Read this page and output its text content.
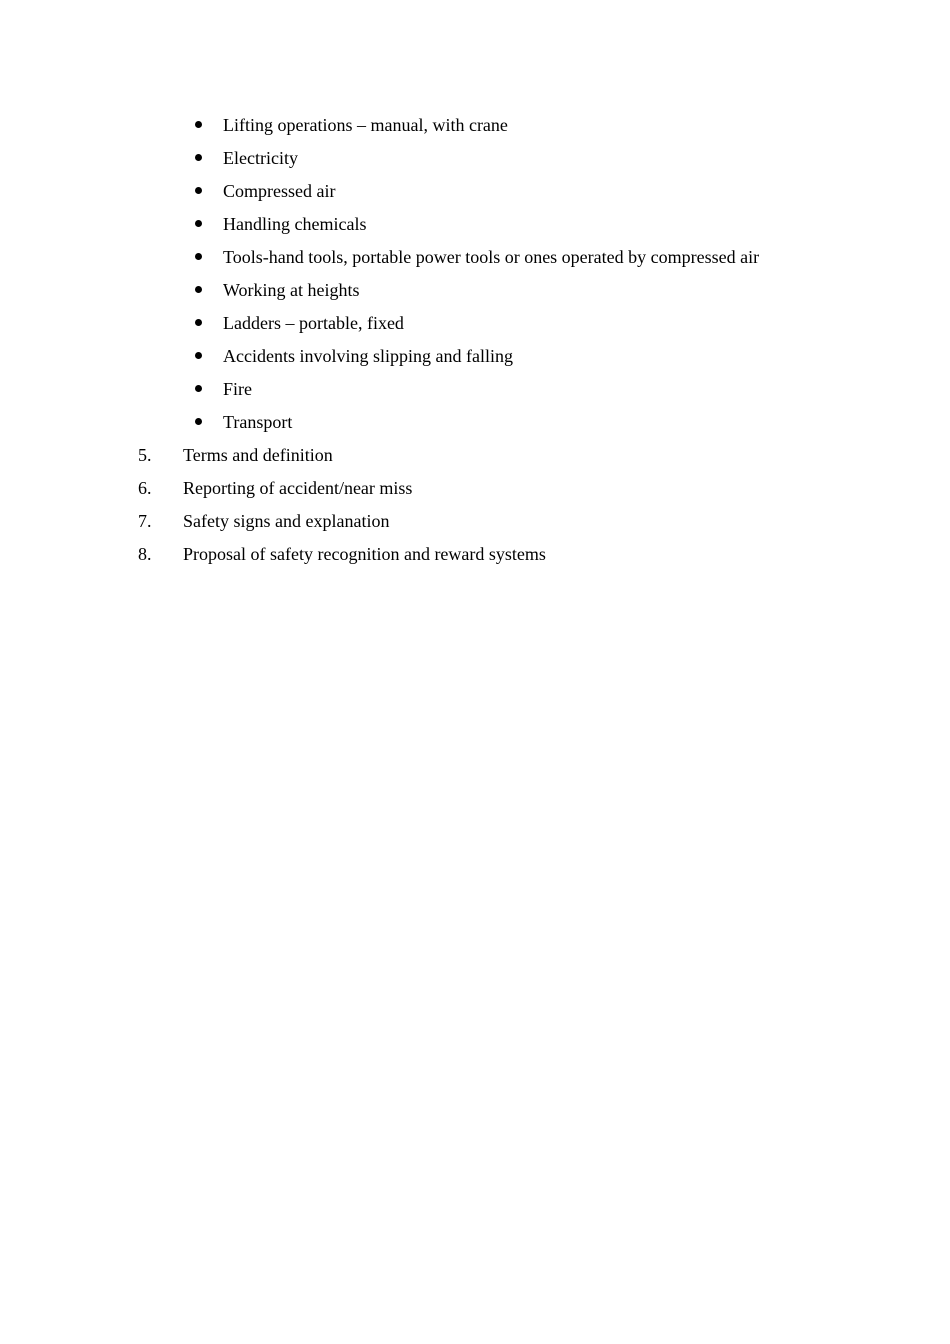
Lifting operations – manual, with crane
Electricity
Compressed air
Handling chemicals
Tools-hand tools, portable power tools or ones operated by compressed air
Working at heights
Ladders – portable, fixed
Accidents involving slipping and falling
Fire
Transport
5. Terms and definition
6. Reporting of accident/near miss
7. Safety signs and explanation
8. Proposal of safety recognition and reward systems
